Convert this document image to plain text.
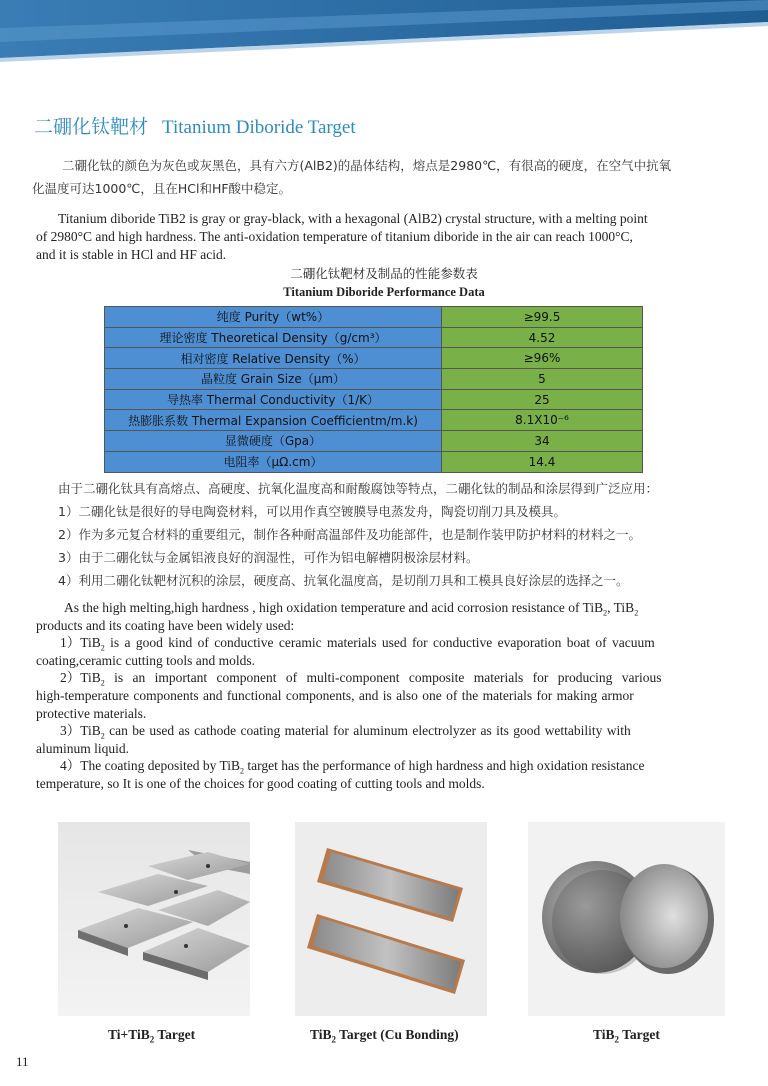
二硼化钛靶材 Titanium Diboride Target
二硼化钛的颜色为灰色或灰黑色，具有六方(AlB2)的晶体结构，熔点是2980℃，有很高的硬度，在空气中抗氧
化温度可达1000℃，且在HCl和HF酸中稳定。
Titanium diboride TiB2 is gray or gray-black, with a hexagonal (AlB2) crystal structure, with a melting point
of 2980°C and high hardness. The anti-oxidation temperature of titanium diboride in the air can reach 1000°C,
and it is stable in HCl and HF acid.
二硼化钛靶材及制品的性能参数表
Titanium Diboride Performance Data
纯度 Purity（wt%）	≥99.5
理论密度 Theoretical Density（g/cm³）	4.52
相对密度 Relative Density（%）	≥96%
晶粒度 Grain Size（μm）	5
导热率 Thermal Conductivity（1/K）	25
热膨胀系数 Thermal Expansion Coefficientm/m.k)	8.1X10⁻⁶
显微硬度（Gpa）	34
电阻率（μΩ.cm）	14.4
由于二硼化钛具有高熔点、高硬度、抗氧化温度高和耐酸腐蚀等特点，二硼化钛的制品和涂层得到广泛应用：
1）二硼化钛是很好的导电陶瓷材料，可以用作真空镀膜导电蒸发舟，陶瓷切削刀具及模具。
2）作为多元复合材料的重要组元，制作各种耐高温部件及功能部件，也是制作装甲防护材料的材料之一。
3）由于二硼化钛与金属铝液良好的润湿性，可作为铝电解槽阴极涂层材料。
4）利用二硼化钛靶材沉积的涂层，硬度高、抗氧化温度高，是切削刀具和工模具良好涂层的选择之一。
As the high melting,high hardness , high oxidation temperature and acid corrosion resistance of TiB$_2$, TiB$_2$
products and its coating have been widely used:
1）TiB$_2$ is a good kind of conductive ceramic materials used for conductive evaporation boat of vacuum
coating,ceramic cutting tools and molds.
2）TiB$_2$ is an important component of multi-component composite materials for producing various
high-temperature components and functional components, and is also one of the materials for making armor
protective materials.
3）TiB$_2$ can be used as cathode coating material for aluminum electrolyzer as its good wettability with
aluminum liquid.
4）The coating deposited by TiB$_2$ target has the performance of high hardness and high oxidation resistance
temperature, so It is one of the choices for good coating of cutting tools and molds.
Ti+TiB$_2$ Target	TiB$_2$ Target (Cu Bonding)	TiB$_2$ Target
11
